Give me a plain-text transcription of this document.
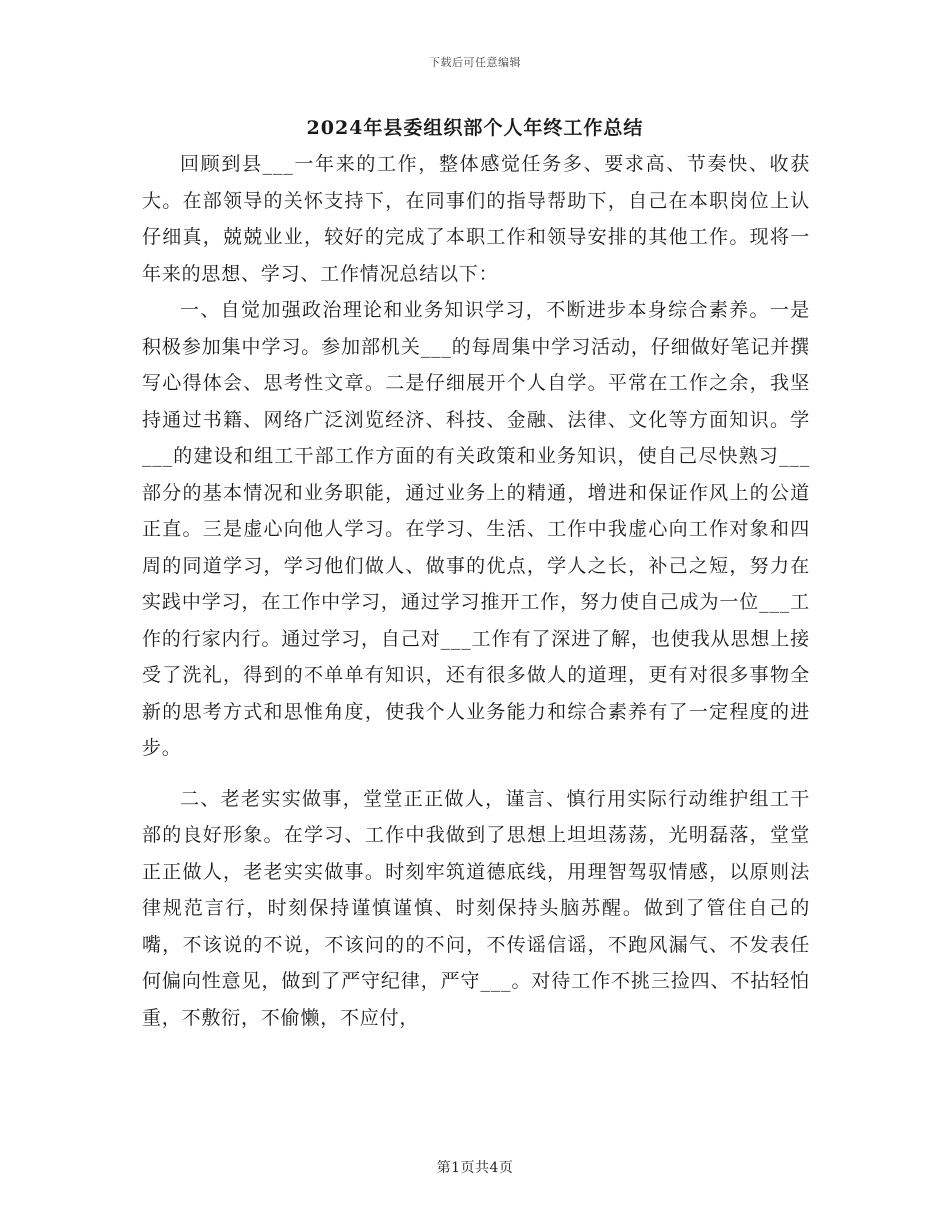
下载后可任意编辑
2024年县委组织部个人年终工作总结

回顾到县___一年来的工作，整体感觉任务多、要求高、节奏快、收获大。在部领导的关怀支持下，在同事们的指导帮助下，自己在本职岗位上认仔细真，兢兢业业，较好的完成了本职工作和领导安排的其他工作。现将一年来的思想、学习、工作情况总结以下：

一、自觉加强政治理论和业务知识学习，不断进步本身综合素养。一是积极参加集中学习。参加部机关___的每周集中学习活动，仔细做好笔记并撰写心得体会、思考性文章。二是仔细展开个人自学。平常在工作之余，我坚持通过书籍、网络广泛浏览经济、科技、金融、法律、文化等方面知识。学___的建设和组工干部工作方面的有关政策和业务知识，使自己尽快熟习___部分的基本情况和业务职能，通过业务上的精通，增进和保证作风上的公道正直。三是虚心向他人学习。在学习、生活、工作中我虚心向工作对象和四周的同道学习，学习他们做人、做事的优点，学人之长，补己之短，努力在实践中学习，在工作中学习，通过学习推开工作，努力使自己成为一位___工作的行家内行。通过学习，自己对___工作有了深进了解，也使我从思想上接受了洗礼，得到的不单单有知识，还有很多做人的道理，更有对很多事物全新的思考方式和思惟角度，使我个人业务能力和综合素养有了一定程度的进步。

二、老老实实做事，堂堂正正做人，谨言、慎行用实际行动维护组工干部的良好形象。在学习、工作中我做到了思想上坦坦荡荡，光明磊落，堂堂正正做人，老老实实做事。时刻牢筑道德底线，用理智驾驭情感，以原则法律规范言行，时刻保持谨慎谨慎、时刻保持头脑苏醒。做到了管住自己的嘴，不该说的不说，不该问的的不问，不传谣信谣，不跑风漏气、不发表任何偏向性意见，做到了严守纪律，严守___。对待工作不挑三捡四、不拈轻怕重，不敷衍，不偷懒，不应付，

第1页共4页
